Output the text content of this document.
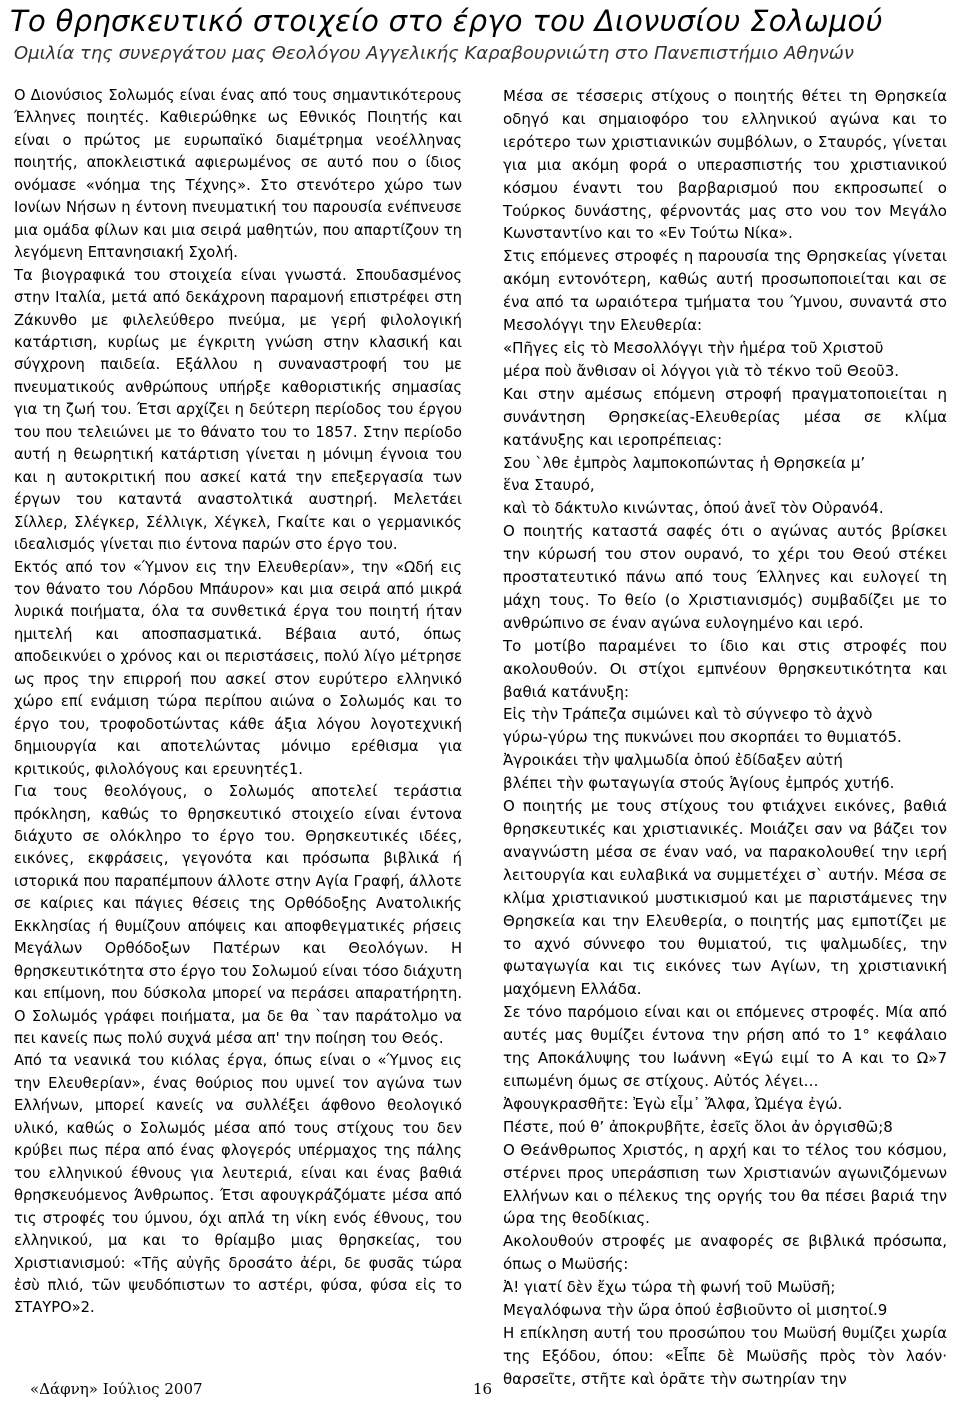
Το θρησκευτικό στοιχείο στο έργο του Διονυσίου Σολωμού
Ομιλία της συνεργάτου μας Θεολόγου Αγγελικής Καραβουρνιώτη στο Πανεπιστήμιο Αθηνών

Ο Διονύσιος Σολωμός είναι ένας από τους σημαντικότερους Έλληνες ποιητές. Καθιερώθηκε ως Εθνικός Ποιητής και είναι ο πρώτος με ευρωπαϊκό διαμέτρημα νεοέλληνας ποιητής, αποκλειστικά αφιερωμένος σε αυτό που ο ίδιος ονόμασε «νόημα της Τέχνης». Στο στενότερο χώρο των Ιονίων Νήσων η έντονη πνευματική του παρουσία ενέπνευσε μια ομάδα φίλων και μια σειρά μαθητών, που απαρτίζουν τη λεγόμενη Επτανησιακή Σχολή.

Τα βιογραφικά του στοιχεία είναι γνωστά. Σπουδασμένος στην Ιταλία, μετά από δεκάχρονη παραμονή επιστρέφει στη Ζάκυνθο με φιλελεύθερο πνεύμα, με γερή φιλολογική κατάρτιση, κυρίως με έγκριτη γνώση στην κλασική και σύγχρονη παιδεία. Εξάλλου η συναναστροφή του με πνευματικούς ανθρώπους υπήρξε καθοριστικής σημασίας για τη ζωή του. Έτσι αρχίζει η δεύτερη περίοδος του έργου του που τελειώνει με το θάνατο του το 1857. Στην περίοδο αυτή η θεωρητική κατάρτιση γίνεται η μόνιμη έγνοια του και η αυτοκριτική που ασκεί κατά την επεξεργασία των έργων του καταντά αναστολτικά αυστηρή. Μελετάει Σίλλερ, Σλέγκερ, Σέλλιγκ, Χέγκελ, Γκαίτε και ο γερμανικός ιδεαλισμός γίνεται πιο έντονα παρών στο έργο του.

Εκτός από τον «Ύμνον εις την Ελευθερίαν», την «Ωδή εις τον θάνατο του Λόρδου Μπάυρον» και μια σειρά από μικρά λυρικά ποιήματα, όλα τα συνθετικά έργα του ποιητή ήταν ημιτελή και αποσπασματικά. Βέβαια αυτό, όπως αποδεικνύει ο χρόνος και οι περιστάσεις, πολύ λίγο μέτρησε ως προς την επιρροή που ασκεί στον ευρύτερο ελληνικό χώρο επί ενάμιση τώρα περίπου αιώνα ο Σολωμός και το έργο του, τροφοδοτώντας κάθε άξια λόγου λογοτεχνική δημιουργία και αποτελώντας μόνιμο ερέθισμα για κριτικούς, φιλολόγους και ερευνητές1.

Για τους θεολόγους, ο Σολωμός αποτελεί τεράστια πρόκληση, καθώς το θρησκευτικό στοιχείο είναι έντονα διάχυτο σε ολόκληρο το έργο του. Θρησκευτικές ιδέες, εικόνες, εκφράσεις, γεγονότα και πρόσωπα βιβλικά ή ιστορικά που παραπέμπουν άλλοτε στην Αγία Γραφή, άλλοτε σε καίριες και πάγιες θέσεις της Ορθόδοξης Ανατολικής Εκκλησίας ή θυμίζουν απόψεις και αποφθεγματικές ρήσεις Μεγάλων Ορθόδοξων Πατέρων και Θεολόγων. Η θρησκευτικότητα στο έργο του Σολωμού είναι τόσο διάχυτη και επίμονη, που δύσκολα μπορεί να περάσει απαρατήρητη. Ο Σολωμός γράφει ποιήματα, μα δε θα `ταν παράτολμο να πει κανείς πως πολύ συχνά μέσα απ' την ποίηση του Θεός.

Από τα νεανικά του κιόλας έργα, όπως είναι ο «Ύμνος εις την Ελευθερίαν», ένας θούριος που υμνεί τον αγώνα των Ελλήνων, μπορεί κανείς να συλλέξει άφθονο θεολογικό υλικό, καθώς ο Σολωμός μέσα από τους στίχους του δεν κρύβει πως πέρα από ένας φλογερός υπέρμαχος της πάλης του ελληνικού έθνους για λευτεριά, είναι και ένας βαθιά θρησκευόμενος Άνθρωπος. Έτσι αφουγκράζόματε μέσα από τις στροφές του ύμνου, όχι απλά τη νίκη ενός έθνους, του ελληνικού, μα και το θρίαμβο μιας θρησκείας, του Χριστιανισμού: «Τῆς αὐγῆς δροσάτο ἀέρι, δε φυσᾶς τώρα ἐσὺ πλιό, τῶν ψευδόπιστων το αστέρι, φύσα, φύσα εἰς το ΣΤΑΥΡΟ»2.

Μέσα σε τέσσερις στίχους ο ποιητής θέτει τη Θρησκεία οδηγό και σημαιοφόρο του ελληνικού αγώνα και το ιερότερο των χριστιανικών συμβόλων, ο Σταυρός, γίνεται για μια ακόμη φορά ο υπερασπιστής του χριστιανικού κόσμου έναντι του βαρβαρισμού που εκπροσωπεί ο Τούρκος δυνάστης, φέρνοντάς μας στο νου τον Μεγάλο Κωνσταντίνο και το «Εν Τούτω Νίκα».

Στις επόμενες στροφές η παρουσία της Θρησκείας γίνεται ακόμη εντονότερη, καθώς αυτή προσωποποιείται και σε ένα από τα ωραιότερα τμήματα του Ύμνου, συναντά στο Μεσολόγγι την Ελευθερία:

«Πῆγες εἰς τὸ Μεσολλόγγι τὴν ἡμέρα τοῦ Χριστοῦ

μέρα ποὺ ἄνθισαν οἱ λόγγοι γιὰ τὸ τέκνο τοῦ Θεοῦ3.

Και στην αμέσως επόμενη στροφή πραγματοποιείται η συνάντηση Θρησκείας-Ελευθερίας μέσα σε κλίμα κατάνυξης και ιεροπρέπειας:

Σου `λθε ἐμπρὸς λαμποκοπώντας ἡ Θρησκεία μ’

ἕνα Σταυρό,

καὶ τὸ δάκτυλο κινώντας, ὁπού ἀνεῖ τὸν Οὐρανό4.

Ο ποιητής καταστά σαφές ότι ο αγώνας αυτός βρίσκει την κύρωσή του στον ουρανό, το χέρι του Θεού στέκει προστατευτικό πάνω από τους Έλληνες και ευλογεί τη μάχη τους. Το θείο (ο Χριστιανισμός) συμβαδίζει με το ανθρώπινο σε έναν αγώνα ευλογημένο και ιερό.

Το μοτίβο παραμένει το ίδιο και στις στροφές που ακολουθούν. Οι στίχοι εμπνέουν θρησκευτικότητα και βαθιά κατάνυξη:

Εἰς τὴν Τράπεζα σιμώνει καὶ τὸ σύγνεφο τὸ ἀχνὸ

γύρω-γύρω της πυκνώνει που σκορπάει το θυμιατό5.

Ἀγροικάει τὴν ψαλμωδία ὁπού ἐδίδαξεν αὐτή

βλέπει τὴν φωταγωγία στούς Ἁγίους ἐμπρός χυτή6.

Ο ποιητής με τους στίχους του φτιάχνει εικόνες, βαθιά θρησκευτικές και χριστιανικές. Μοιάζει σαν να βάζει τον αναγνώστη μέσα σε έναν ναό, να παρακολουθεί την ιερή λειτουργία και ευλαβικά να συμμετέχει σ` αυτήν. Μέσα σε κλίμα χριστιανικού μυστικισμού και με παριστάμενες την Θρησκεία και την Ελευθερία, ο ποιητής μας εμποτίζει με το αχνό σύννεφο του θυμιατού, τις ψαλμωδίες, την φωταγωγία και τις εικόνες των Αγίων, τη χριστιανική μαχόμενη Ελλάδα.

Σε τόνο παρόμοιο είναι και οι επόμενες στροφές. Μία από αυτές μας θυμίζει έντονα την ρήση από το 1° κεφάλαιο της Αποκάλυψης του Ιωάννη «Εγώ ειμί το Α και το Ω»7 ειπωμένη όμως σε στίχους. Αὐτός λέγει…

Ἀφουγκρασθῆτε: Ἐγὼ εἶμ᾽ Ἄλφα, Ὠμέγα ἐγώ.

Πέστε, πού θ’ ἀποκρυβῆτε, ἐσεῖς ὅλοι ἀν ὀργισθῶ;8

Ο Θεάνθρωπος Χριστός, η αρχή και το τέλος του κόσμου, στέρνει προς υπεράσπιση των Χριστιανών αγωνιζόμενων Ελλήνων και ο πέλεκυς της οργής του θα πέσει βαριά την ώρα της θεοδίκιας.

Ακολουθούν στροφές με αναφορές σε βιβλικά πρόσωπα, όπως ο Μωϋσής:

Ἀ! γιατί δὲν ἔχω τώρα τὴ φωνή τοῦ Μωϋσῆ;

Μεγαλόφωνα τὴν ὥρα ὁπού ἐσβιοῦντο οἱ μισητοί.9

Η επίκληση αυτή του προσώπου του Μωϋσή θυμίζει χωρία της Εξόδου, όπου: «Εἶπε δὲ Μωϋσῆς πρὸς τὸν λαόν· θαρσεῖτε, στῆτε καὶ ὁρᾶτε τὴν σωτηρίαν την

«Δάφνη» Ιούλιος 2007	16
